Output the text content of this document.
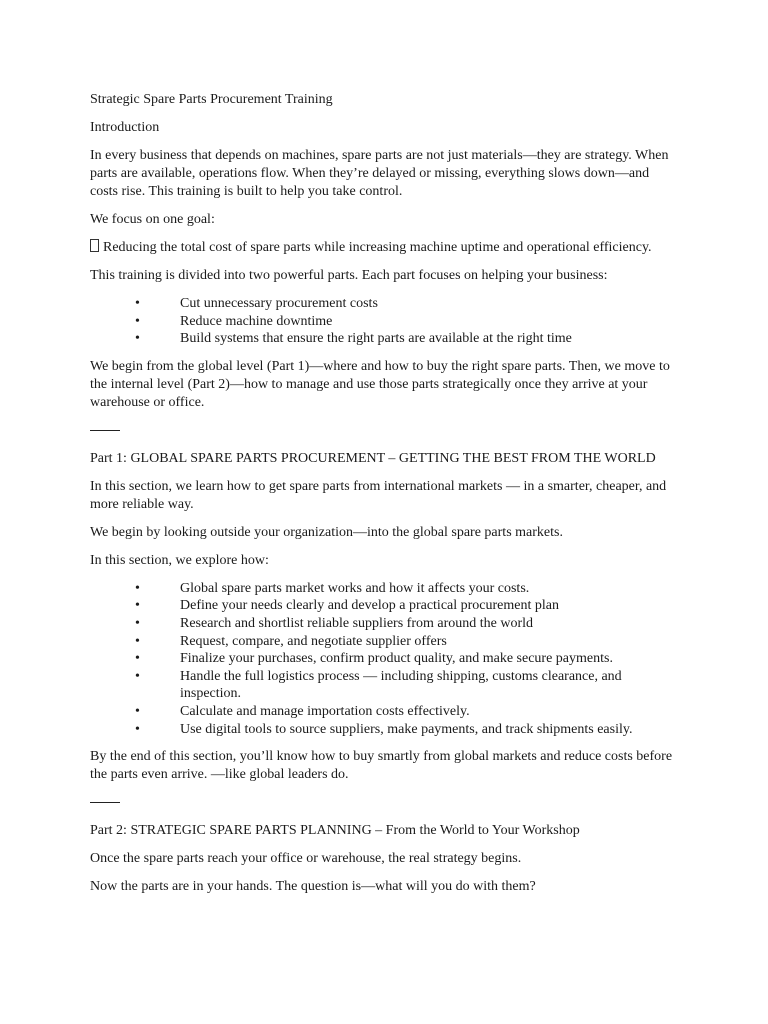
Strategic Spare Parts Procurement Training

Introduction

In every business that depends on machines, spare parts are not just materials—they are strategy. When parts are available, operations flow. When they’re delayed or missing, everything slows down—and costs rise. This training is built to help you take control.

We focus on one goal:

Reducing the total cost of spare parts while increasing machine uptime and operational efficiency.

This training is divided into two powerful parts. Each part focuses on helping your business:

•	Cut unnecessary procurement costs
•	Reduce machine downtime
•	Build systems that ensure the right parts are available at the right time

We begin from the global level (Part 1)—where and how to buy the right spare parts. Then, we move to the internal level (Part 2)—how to manage and use those parts strategically once they arrive at your warehouse or office.

Part 1: GLOBAL SPARE PARTS PROCUREMENT – GETTING THE BEST FROM THE WORLD

In this section, we learn how to get spare parts from international markets — in a smarter, cheaper, and more reliable way.

We begin by looking outside your organization—into the global spare parts markets.

In this section, we explore how:

•	Global spare parts market works and how it affects your costs.
•	Define your needs clearly and develop a practical procurement plan
•	Research and shortlist reliable suppliers from around the world
•	Request, compare, and negotiate supplier offers
•	Finalize your purchases, confirm product quality, and make secure payments.
•	Handle the full logistics process — including shipping, customs clearance, and inspection.
•	Calculate and manage importation costs effectively.
•	Use digital tools to source suppliers, make payments, and track shipments easily.

By the end of this section, you’ll know how to buy smartly from global markets and reduce costs before the parts even arrive. —like global leaders do.

Part 2: STRATEGIC SPARE PARTS PLANNING – From the World to Your Workshop

Once the spare parts reach your office or warehouse, the real strategy begins.

Now the parts are in your hands. The question is—what will you do with them?
